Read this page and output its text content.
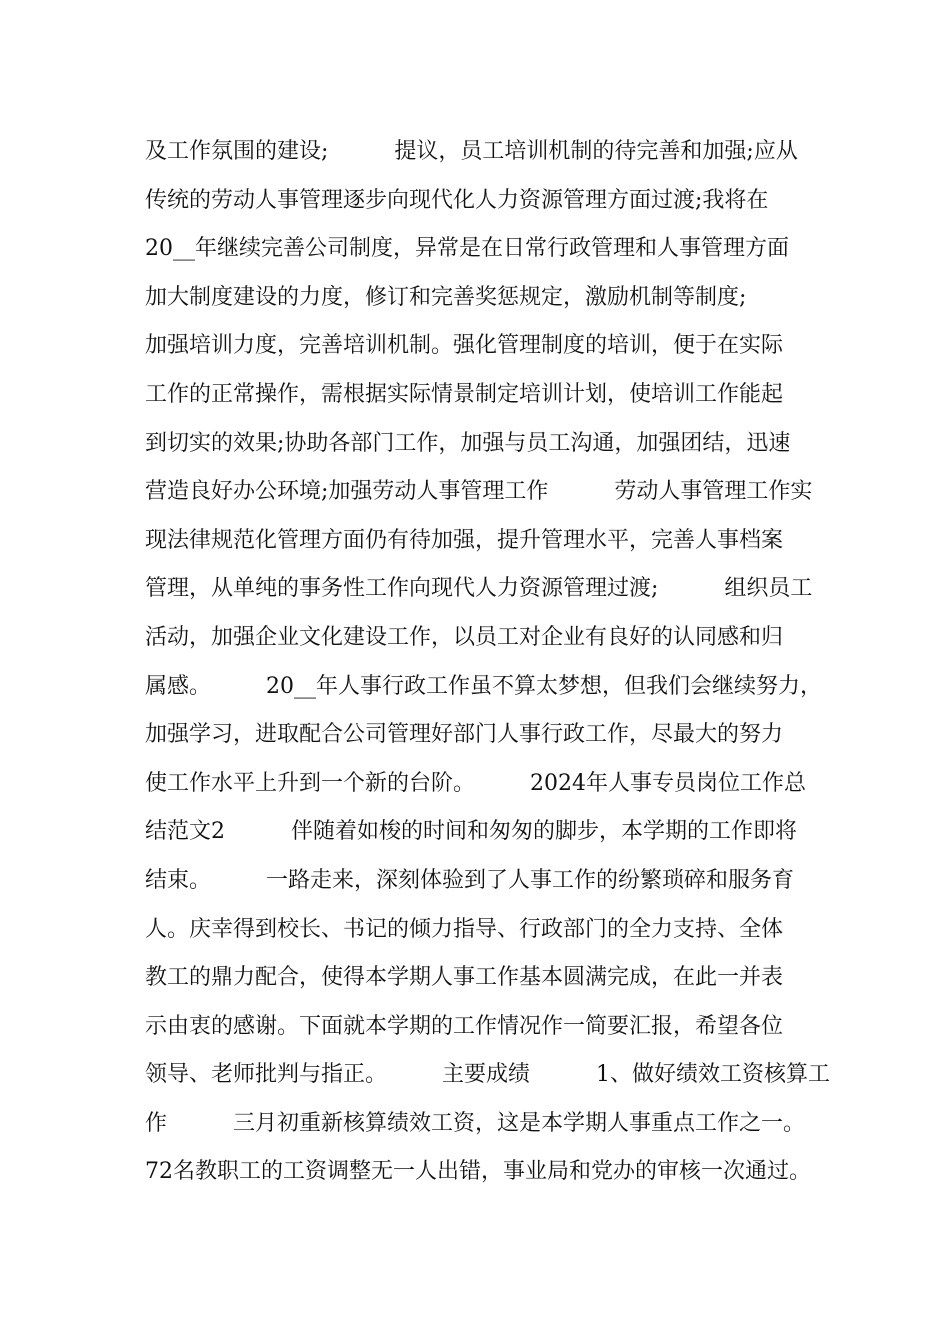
及工作氛围的建设;　　　提议，员工培训机制的待完善和加强;应从
传统的劳动人事管理逐步向现代化人力资源管理方面过渡;我将在
20__年继续完善公司制度，异常是在日常行政管理和人事管理方面
加大制度建设的力度，修订和完善奖惩规定，激励机制等制度;
加强培训力度，完善培训机制。强化管理制度的培训，便于在实际
工作的正常操作，需根据实际情景制定培训计划，使培训工作能起
到切实的效果;协助各部门工作，加强与员工沟通，加强团结，迅速
营造良好办公环境;加强劳动人事管理工作　　　劳动人事管理工作实
现法律规范化管理方面仍有待加强，提升管理水平，完善人事档案
管理，从单纯的事务性工作向现代人力资源管理过渡;　　　组织员工
活动，加强企业文化建设工作，以员工对企业有良好的认同感和归
属感。　　　20__年人事行政工作虽不算太梦想，但我们会继续努力，
加强学习，进取配合公司管理好部门人事行政工作，尽最大的努力
使工作水平上升到一个新的台阶。　　　2024年人事专员岗位工作总
结范文2　　　伴随着如梭的时间和匆匆的脚步，本学期的工作即将
结束。　　　一路走来，深刻体验到了人事工作的纷繁琐碎和服务育
人。庆幸得到校长、书记的倾力指导、行政部门的全力支持、全体
教工的鼎力配合，使得本学期人事工作基本圆满完成，在此一并表
示由衷的感谢。下面就本学期的工作情况作一简要汇报，希望各位
领导、老师批判与指正。　　　主要成绩　　　1、做好绩效工资核算工
作　　　三月初重新核算绩效工资，这是本学期人事重点工作之一。
72名教职工的工资调整无一人出错，事业局和党办的审核一次通过。
